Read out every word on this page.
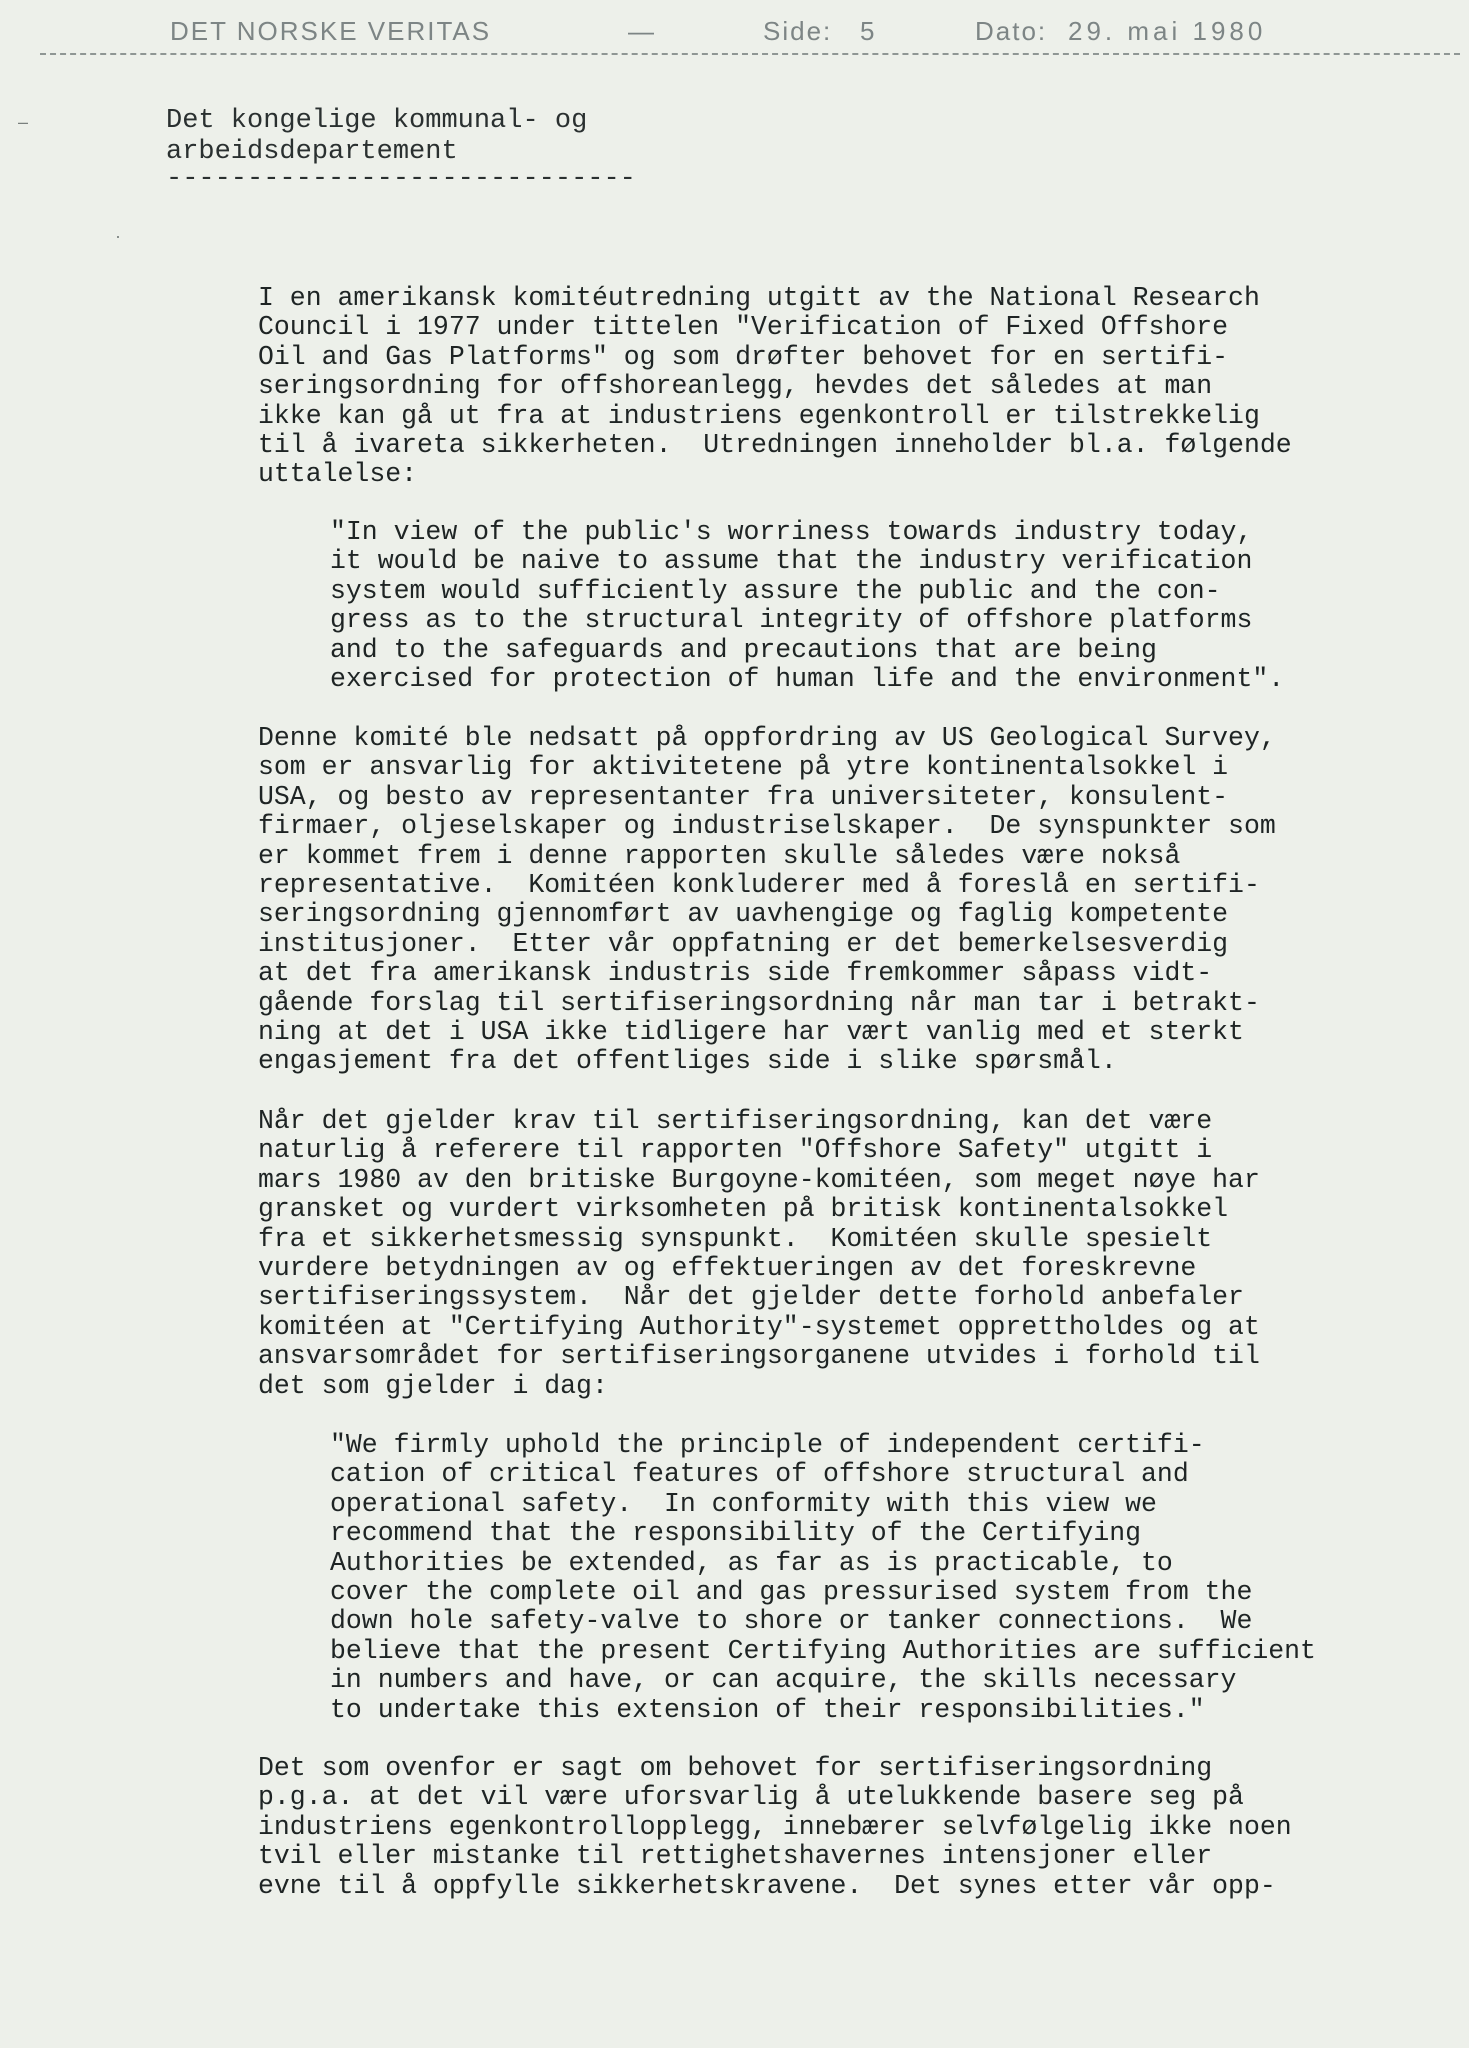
DET NORSKE VERITAS	—	Side: 5	Dato: 29. mai 1980
–
·
Det kongelige kommunal- og
arbeidsdepartement
-----------------------------
I en amerikansk komitéutredning utgitt av the National Research
Council i 1977 under tittelen "Verification of Fixed Offshore
Oil and Gas Platforms" og som drøfter behovet for en sertifi-
seringsordning for offshoreanlegg, hevdes det således at man
ikke kan gå ut fra at industriens egenkontroll er tilstrekkelig
til å ivareta sikkerheten.  Utredningen inneholder bl.a. følgende
uttalelse:
"In view of the public's worriness towards industry today,
it would be naive to assume that the industry verification
system would sufficiently assure the public and the con-
gress as to the structural integrity of offshore platforms
and to the safeguards and precautions that are being
exercised for protection of human life and the environment".
Denne komité ble nedsatt på oppfordring av US Geological Survey,
som er ansvarlig for aktivitetene på ytre kontinentalsokkel i
USA, og besto av representanter fra universiteter, konsulent-
firmaer, oljeselskaper og industriselskaper.  De synspunkter som
er kommet frem i denne rapporten skulle således være nokså
representative.  Komitéen konkluderer med å foreslå en sertifi-
seringsordning gjennomført av uavhengige og faglig kompetente
institusjoner.  Etter vår oppfatning er det bemerkelsesverdig
at det fra amerikansk industris side fremkommer såpass vidt-
gående forslag til sertifiseringsordning når man tar i betrakt-
ning at det i USA ikke tidligere har vært vanlig med et sterkt
engasjement fra det offentliges side i slike spørsmål.
Når det gjelder krav til sertifiseringsordning, kan det være
naturlig å referere til rapporten "Offshore Safety" utgitt i
mars 1980 av den britiske Burgoyne-komitéen, som meget nøye har
gransket og vurdert virksomheten på britisk kontinentalsokkel
fra et sikkerhetsmessig synspunkt.  Komitéen skulle spesielt
vurdere betydningen av og effektueringen av det foreskrevne
sertifiseringssystem.  Når det gjelder dette forhold anbefaler
komitéen at "Certifying Authority"-systemet opprettholdes og at
ansvarsområdet for sertifiseringsorganene utvides i forhold til
det som gjelder i dag:
"We firmly uphold the principle of independent certifi-
cation of critical features of offshore structural and
operational safety.  In conformity with this view we
recommend that the responsibility of the Certifying
Authorities be extended, as far as is practicable, to
cover the complete oil and gas pressurised system from the
down hole safety-valve to shore or tanker connections.  We
believe that the present Certifying Authorities are sufficient
in numbers and have, or can acquire, the skills necessary
to undertake this extension of their responsibilities."
Det som ovenfor er sagt om behovet for sertifiseringsordning
p.g.a. at det vil være uforsvarlig å utelukkende basere seg på
industriens egenkontrollopplegg, innebærer selvfølgelig ikke noen
tvil eller mistanke til rettighetshavernes intensjoner eller
evne til å oppfylle sikkerhetskravene.  Det synes etter vår opp-
